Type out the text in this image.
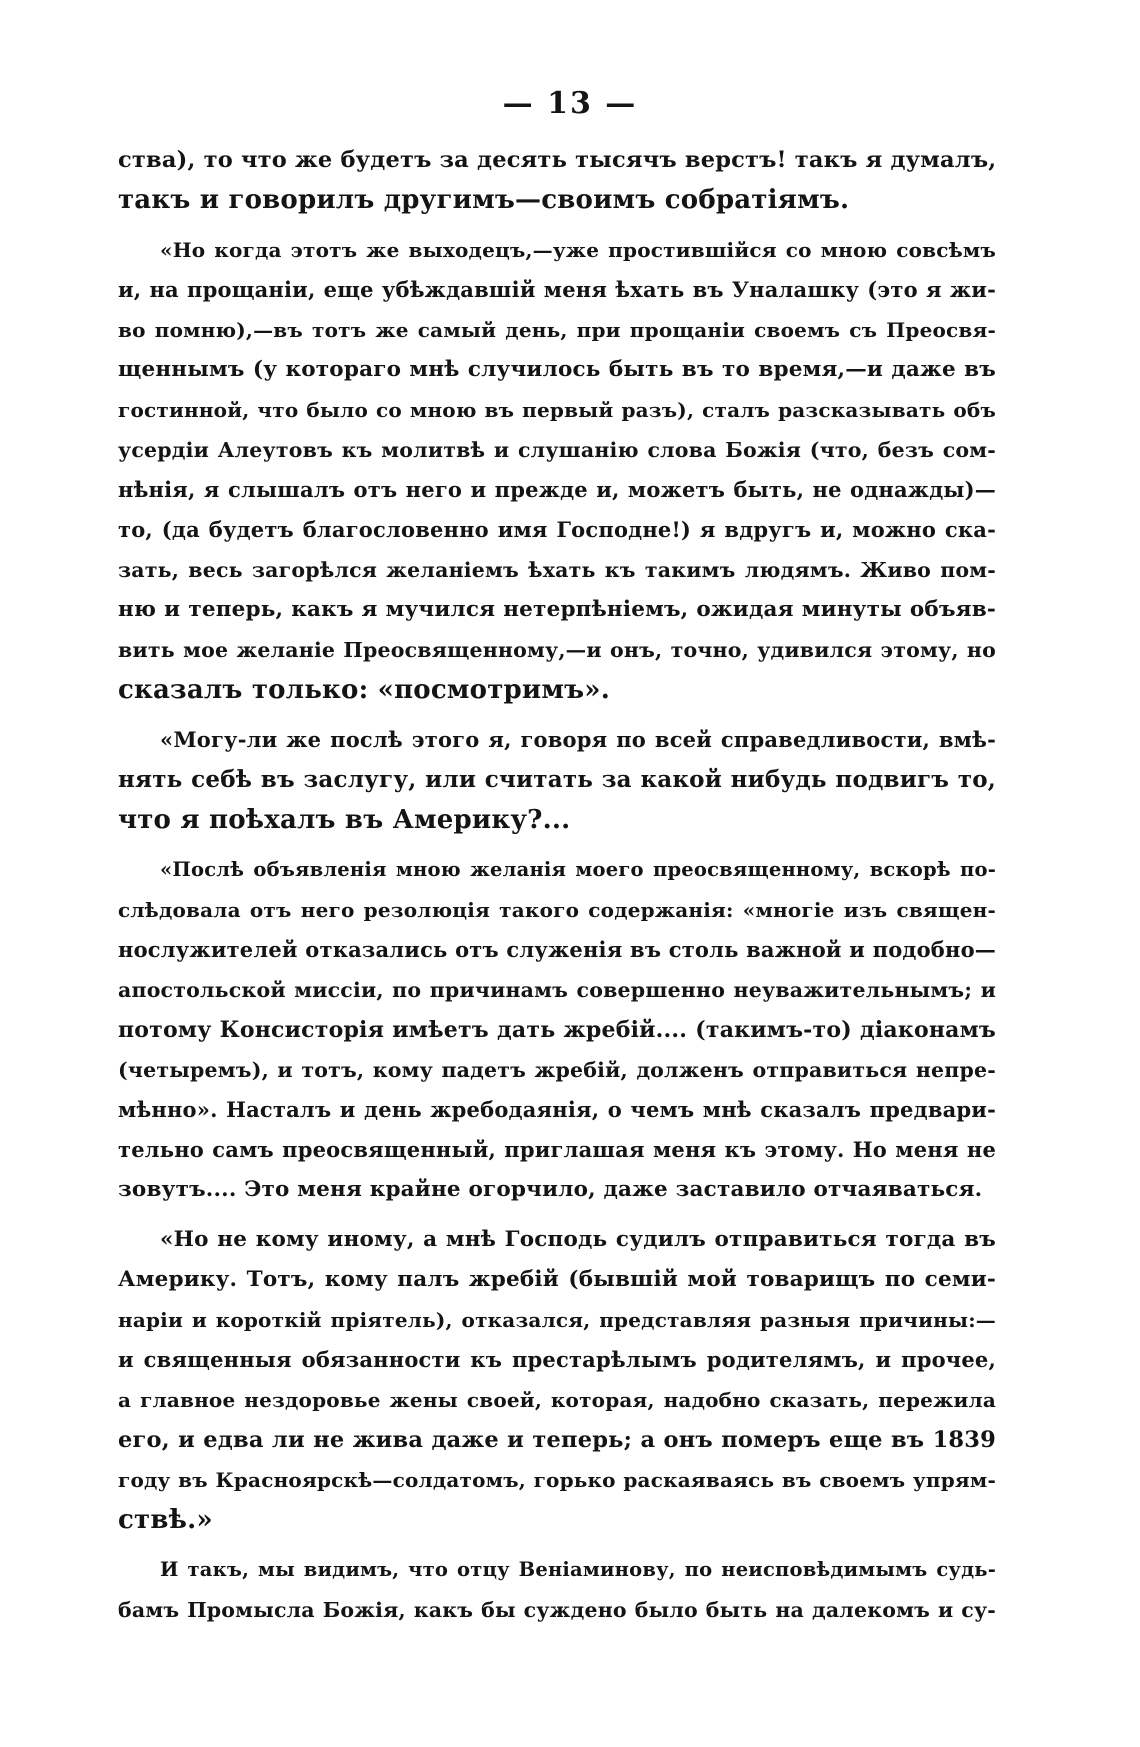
— 13 —
ства), то что же будетъ за десять тысячъ верстъ! такъ я думалъ,
такъ и говорилъ другимъ—своимъ собратіямъ.
«Но когда этотъ же выходецъ,—уже простившійся со мною совсѣмъ
и, на прощаніи, еще убѣждавшій меня ѣхать въ Уналашку (это я жи-
во помню),—въ тотъ же самый день, при прощаніи своемъ съ Преосвя-
щеннымъ (у котораго мнѣ случилось быть въ то время,—и даже въ
гостинной, что было со мною въ первый разъ), сталъ разсказывать объ
усердіи Алеутовъ къ молитвѣ и слушанію слова Божія (что, безъ сом-
нѣнія, я слышалъ отъ него и прежде и, можетъ быть, не однажды)—
то, (да будетъ благословенно имя Господне!) я вдругъ и, можно ска-
зать, весь загорѣлся желаніемъ ѣхать къ такимъ людямъ. Живо пом-
ню и теперь, какъ я мучился нетерпѣніемъ, ожидая минуты объяв-
вить мое желаніе Преосвященному,—и онъ, точно, удивился этому, но
сказалъ только: «посмотримъ».
«Могу-ли же послѣ этого я, говоря по всей справедливости, вмѣ-
нять себѣ въ заслугу, или считать за какой нибудь подвигъ то,
что я поѣхалъ въ Америку?...
«Послѣ объявленія мною желанія моего преосвященному, вскорѣ по-
слѣдовала отъ него резолюція такого содержанія: «многіе изъ священ-
нослужителей отказались отъ служенія въ столь важной и подобно—
апостольской миссіи, по причинамъ совершенно неуважительнымъ; и
потому Консисторія имѣетъ дать жребій.... (такимъ-то) діаконамъ
(четыремъ), и тотъ, кому падетъ жребій, долженъ отправиться непре-
мѣнно». Насталъ и день жребодаянія, о чемъ мнѣ сказалъ предвари-
тельно самъ преосвященный, приглашая меня къ этому. Но меня не
зовутъ.... Это меня крайне огорчило, даже заставило отчаяваться.
«Но не кому иному, а мнѣ Господь судилъ отправиться тогда въ
Америку. Тотъ, кому палъ жребій (бывшій мой товарищъ по семи-
наріи и короткій пріятель), отказался, представляя разныя причины:—
и священныя обязанности къ престарѣлымъ родителямъ, и прочее,
а главное нездоровье жены своей, которая, надобно сказать, пережила
его, и едва ли не жива даже и теперь; а онъ померъ еще въ 1839
году въ Красноярскѣ—солдатомъ, горько раскаяваясь въ своемъ упрям-
ствѣ.»
И такъ, мы видимъ, что отцу Веніаминову, по неисповѣдимымъ судь-
бамъ Промысла Божія, какъ бы суждено было быть на далекомъ и су-
